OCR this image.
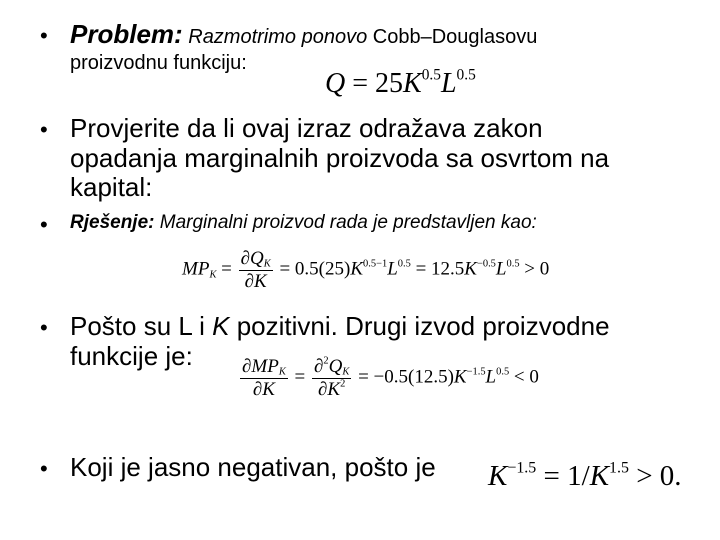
• Problem: Razmotrimo ponovo Cobb–Douglasovu
proizvodnu funkciju:
$Q = 25K^{0.5}L^{0.5}$
• Provjerite da li ovaj izraz odražava zakon
opadanja marginalnih proizvoda sa osvrtom na
kapital:
• Rješenje: Marginalni proizvod rada je predstavljen kao:
$MP_K = \frac{\partial Q_K}{\partial K} = 0.5(25)K^{0.5-1}L^{0.5} = 12.5K^{-0.5}L^{0.5} > 0$
• Pošto su L i K pozitivni. Drugi izvod proizvodne
funkcije je: $\frac{\partial MP_K}{\partial K} = \frac{\partial^2Q_K}{\partial K^2} = -0.5(12.5)K^{-1.5}L^{0.5} < 0$
• Koji je jasno negativan, pošto je $K^{-1.5} = 1/K^{1.5} > 0$.
